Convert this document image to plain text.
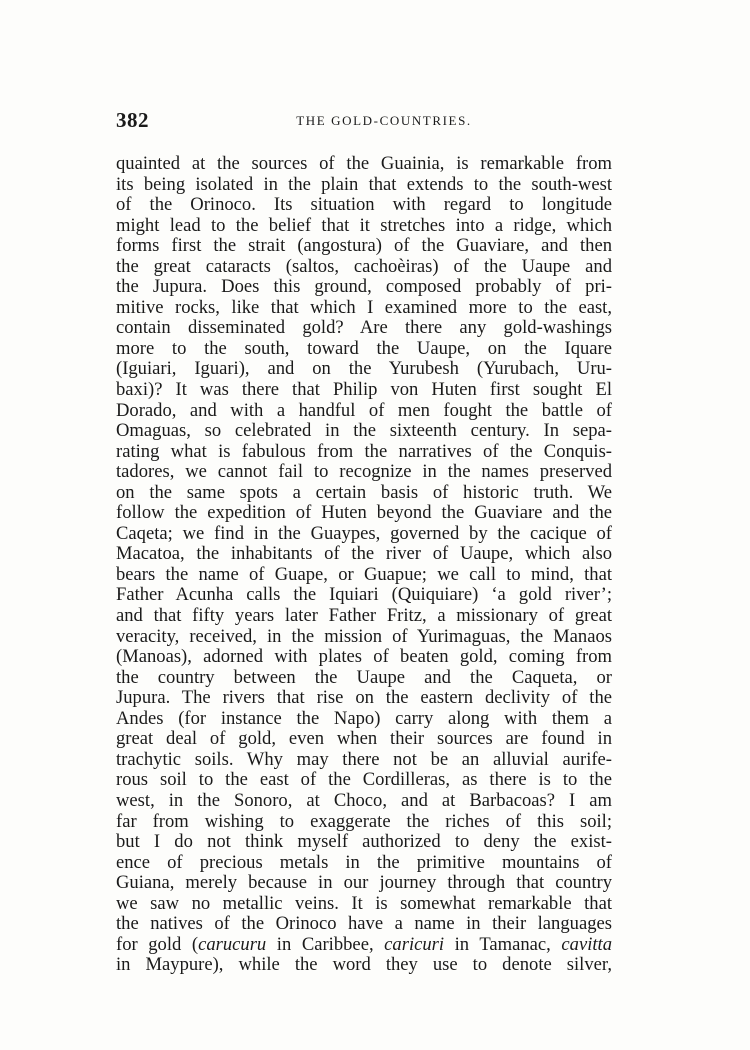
382	THE GOLD-COUNTRIES.
quainted at the sources of the Guainia, is remarkable from
its being isolated in the plain that extends to the south-west
of the Orinoco. Its situation with regard to longitude
might lead to the belief that it stretches into a ridge, which
forms first the strait (angostura) of the Guaviare, and then
the great cataracts (saltos, cachoèiras) of the Uaupe and
the Jupura. Does this ground, composed probably of pri-
mitive rocks, like that which I examined more to the east,
contain disseminated gold? Are there any gold-washings
more to the south, toward the Uaupe, on the Iquare
(Iguiari, Iguari), and on the Yurubesh (Yurubach, Uru-
baxi)? It was there that Philip von Huten first sought El
Dorado, and with a handful of men fought the battle of
Omaguas, so celebrated in the sixteenth century. In sepa-
rating what is fabulous from the narratives of the Conquis-
tadores, we cannot fail to recognize in the names preserved
on the same spots a certain basis of historic truth. We
follow the expedition of Huten beyond the Guaviare and the
Caqeta; we find in the Guaypes, governed by the cacique of
Macatoa, the inhabitants of the river of Uaupe, which also
bears the name of Guape, or Guapue; we call to mind, that
Father Acunha calls the Iquiari (Quiquiare) ‘a gold river’;
and that fifty years later Father Fritz, a missionary of great
veracity, received, in the mission of Yurimaguas, the Manaos
(Manoas), adorned with plates of beaten gold, coming from
the country between the Uaupe and the Caqueta, or
Jupura. The rivers that rise on the eastern declivity of the
Andes (for instance the Napo) carry along with them a
great deal of gold, even when their sources are found in
trachytic soils. Why may there not be an alluvial aurife-
rous soil to the east of the Cordilleras, as there is to the
west, in the Sonoro, at Choco, and at Barbacoas? I am
far from wishing to exaggerate the riches of this soil;
but I do not think myself authorized to deny the exist-
ence of precious metals in the primitive mountains of
Guiana, merely because in our journey through that country
we saw no metallic veins. It is somewhat remarkable that
the natives of the Orinoco have a name in their languages
for gold (carucuru in Caribbee, caricuri in Tamanac, cavitta
in Maypure), while the word they use to denote silver,
